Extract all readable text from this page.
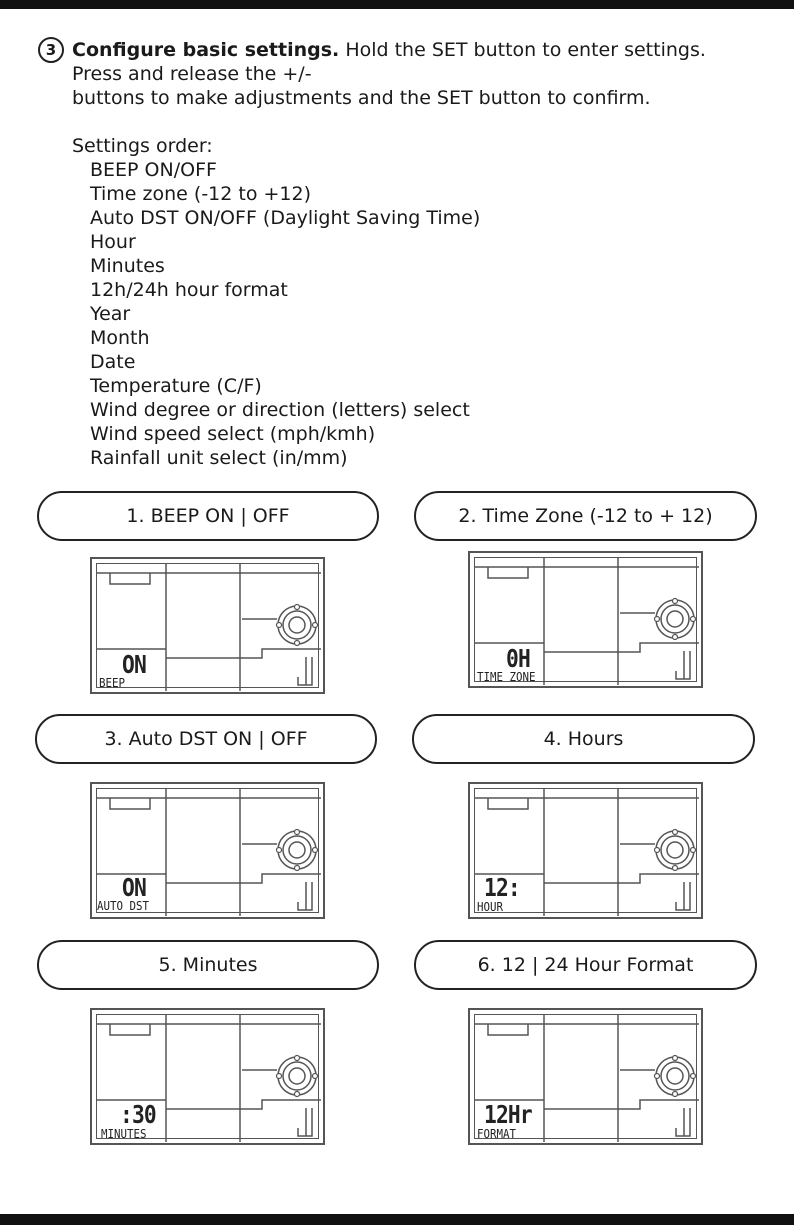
3 Configure basic settings. Hold the SET button to enter settings.
Press and release the +/-
buttons to make adjustments and the SET button to confirm.
Settings order:
BEEP ON/OFF
Time zone (-12 to +12)
Auto DST ON/OFF (Daylight Saving Time)
Hour
Minutes
12h/24h hour format
Year
Month
Date
Temperature (C/F)
Wind degree or direction (letters) select
Wind speed select (mph/kmh)
Rainfall unit select (in/mm)
1. BEEP ON | OFF	2. Time Zone (-12 to + 12)
3. Auto DST ON | OFF	4. Hours
5. Minutes	6. 12 | 24 Hour Format
ON
BEEP
0H
TIME ZONE
ON
AUTO DST
12:
HOUR
:30
MINUTES
12Hr
FORMAT
